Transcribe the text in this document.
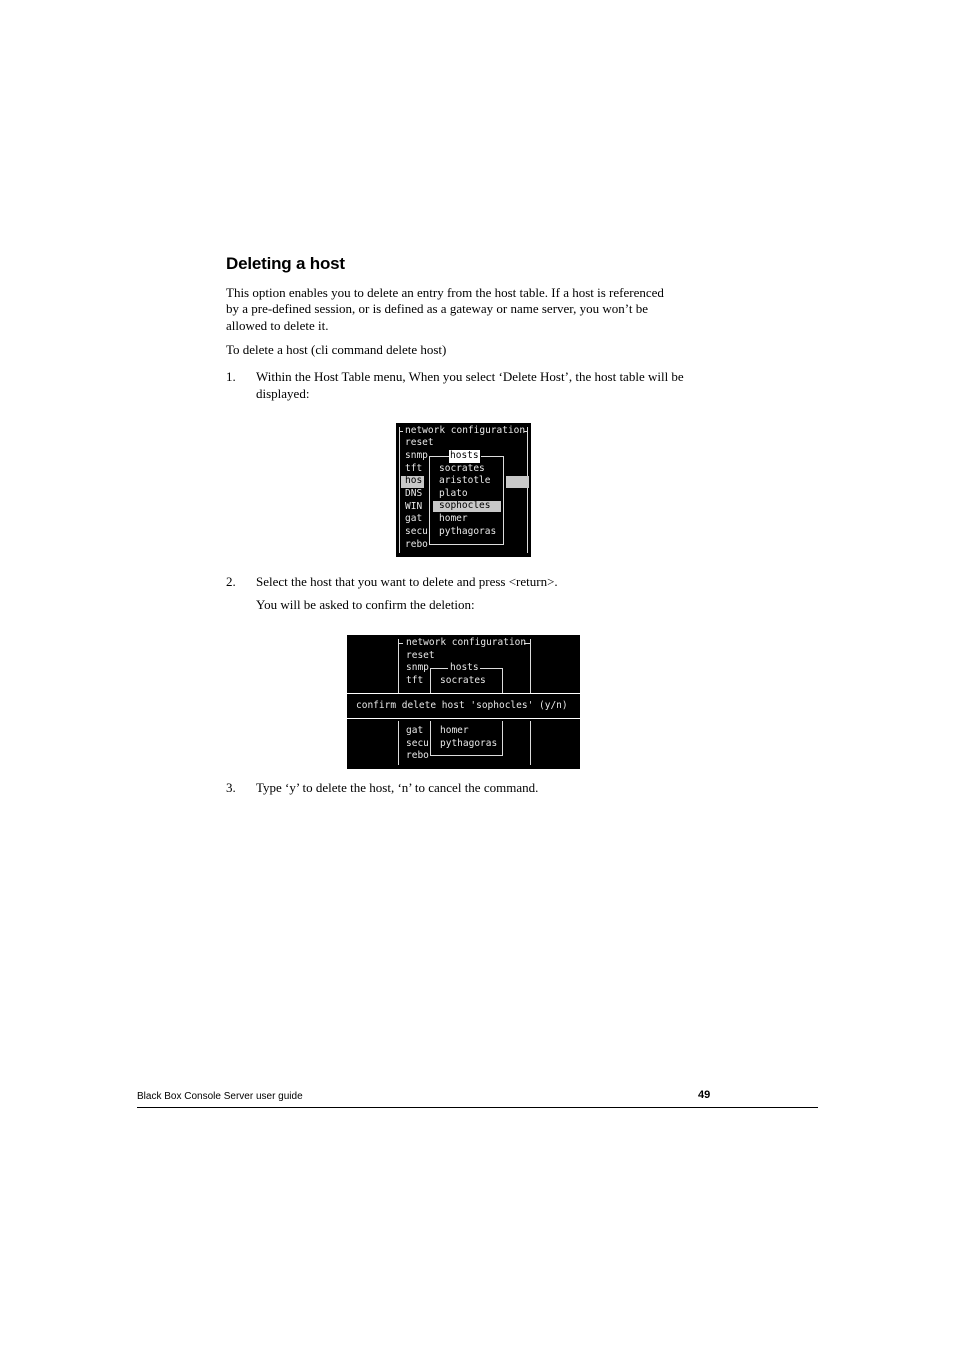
Deleting a host
This option enables you to delete an entry from the host table. If a host is referenced
by a pre-defined session, or is defined as a gateway or name server, you won’t be
allowed to delete it.
To delete a host (cli command delete host)
1. Within the Host Table menu, When you select ‘Delete Host’, the host table will be
displayed:

network configuration

reset

snmp

tft

hos

DNS

WIN

gat

secu

rebo

hosts

socrates

aristotle

plato

sophocles

homer

pythagoras

2. Select the host that you want to delete and press <return>.
You will be asked to confirm the deletion:

network configuration

reset

snmp

tft

hosts

socrates

confirm delete host 'sophocles' (y/n)

gat

secu

rebo

homer

pythagoras

3. Type ‘y’ to delete the host, ‘n’ to cancel the command.
Black Box Console Server user guide	49
